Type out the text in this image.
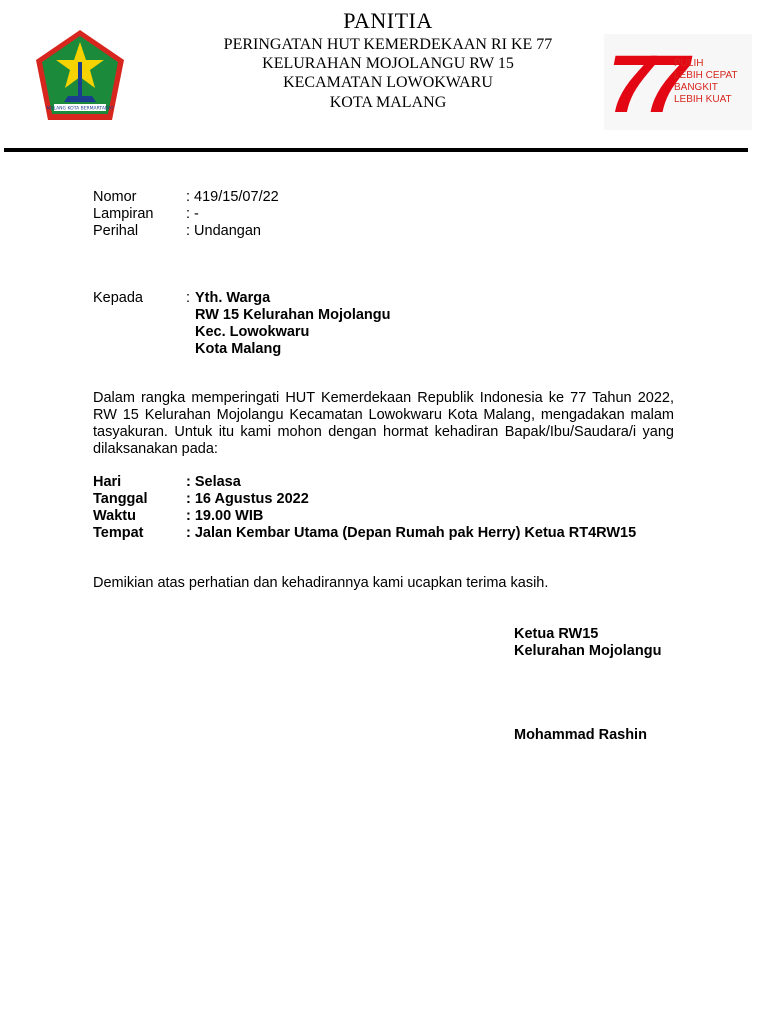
MALANG KOTA BERMARTABAT
PANITIA
PERINGATAN HUT KEMERDEKAAN RI KE 77
KELURAHAN MOJOLANGU RW 15
KECAMATAN LOWOKWARU
KOTA MALANG	77
PULIH
LEBIH CEPAT
BANGKIT
LEBIH KUAT
Nomor	: 419/15/07/22
Lampiran : -
Perihal	: Undangan
Kepada	: Yth. Warga
RW 15 Kelurahan Mojolangu
Kec. Lowokwaru
Kota Malang
Dalam rangka memperingati HUT Kemerdekaan Republik Indonesia ke 77 Tahun 2022, RW 15 Kelurahan Mojolangu Kecamatan Lowokwaru Kota Malang, mengadakan malam tasyakuran. Untuk itu kami mohon dengan hormat kehadiran Bapak/Ibu/Saudara/i yang dilaksanakan pada:
Hari	: Selasa
Tanggal	: 16 Agustus 2022
Waktu	: 19.00 WIB
Tempat	: Jalan Kembar Utama (Depan Rumah pak Herry) Ketua RT4RW15
Demikian atas perhatian dan kehadirannya kami ucapkan terima kasih.
Ketua RW15
Kelurahan Mojolangu
Mohammad Rashin
